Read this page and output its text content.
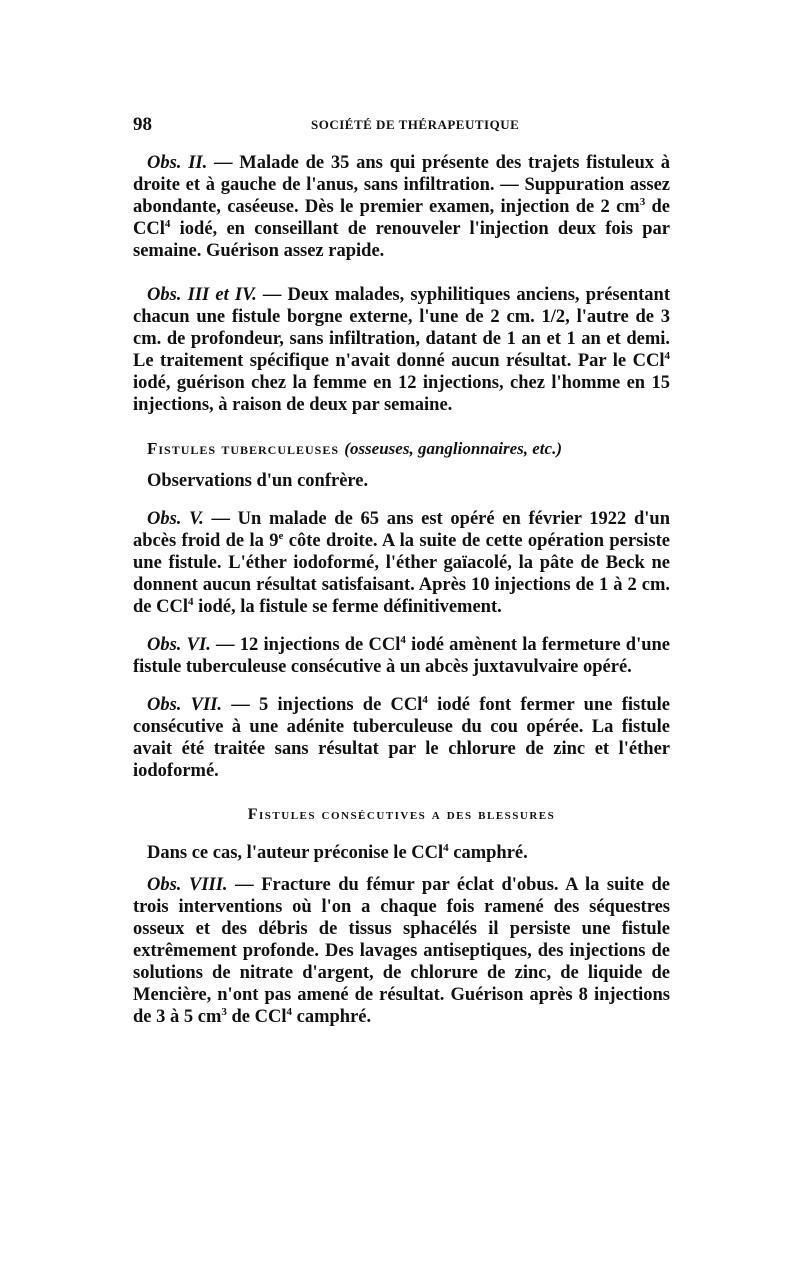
98	SOCIÉTÉ DE THÉRAPEUTIQUE

Obs. II. — Malade de 35 ans qui présente des trajets fistuleux à droite et à gauche de l'anus, sans infiltration. — Suppuration assez abondante, caséeuse. Dès le premier examen, injection de 2 $cm^3$ de CCl$^4$ iodé, en conseillant de renouveler l'injection deux fois par semaine. Guérison assez rapide.

Obs. III et IV. — Deux malades, syphilitiques anciens, présentant chacun une fistule borgne externe, l'une de 2 cm. 1/2, l'autre de 3 cm. de profondeur, sans infiltration, datant de 1 an et 1 an et demi. Le traitement spécifique n'avait donné aucun résultat. Par le CCl$^4$ iodé, guérison chez la femme en 12 injections, chez l'homme en 15 injections, à raison de deux par semaine.

Fistules tuberculeuses (osseuses, ganglionnaires, etc.)

Observations d'un confrère.

Obs. V. — Un malade de 65 ans est opéré en février 1922 d'un abcès froid de la 9e côte droite. A la suite de cette opération persiste une fistule. L'éther iodoformé, l'éther gaïacolé, la pâte de Beck ne donnent aucun résultat satisfaisant. Après 10 injections de 1 à 2 cm. de CCl$^4$ iodé, la fistule se ferme définitivement.

Obs. VI. — 12 injections de CCl$^4$ iodé amènent la fermeture d'une fistule tuberculeuse consécutive à un abcès juxtavulvaire opéré.

Obs. VII. — 5 injections de CCl$^4$ iodé font fermer une fistule consécutive à une adénite tuberculeuse du cou opérée. La fistule avait été traitée sans résultat par le chlorure de zinc et l'éther iodoformé.

Fistules consécutives a des blessures

Dans ce cas, l'auteur préconise le CCl$^4$ camphré.

Obs. VIII. — Fracture du fémur par éclat d'obus. A la suite de trois interventions où l'on a chaque fois ramené des séquestres osseux et des débris de tissus sphacélés il persiste une fistule extrêmement profonde. Des lavages antiseptiques, des injections de solutions de nitrate d'argent, de chlorure de zinc, de liquide de Mencière, n'ont pas amené de résultat. Guérison après 8 injections de 3 à 5 $cm^3$ de CCl$^4$ camphré.
